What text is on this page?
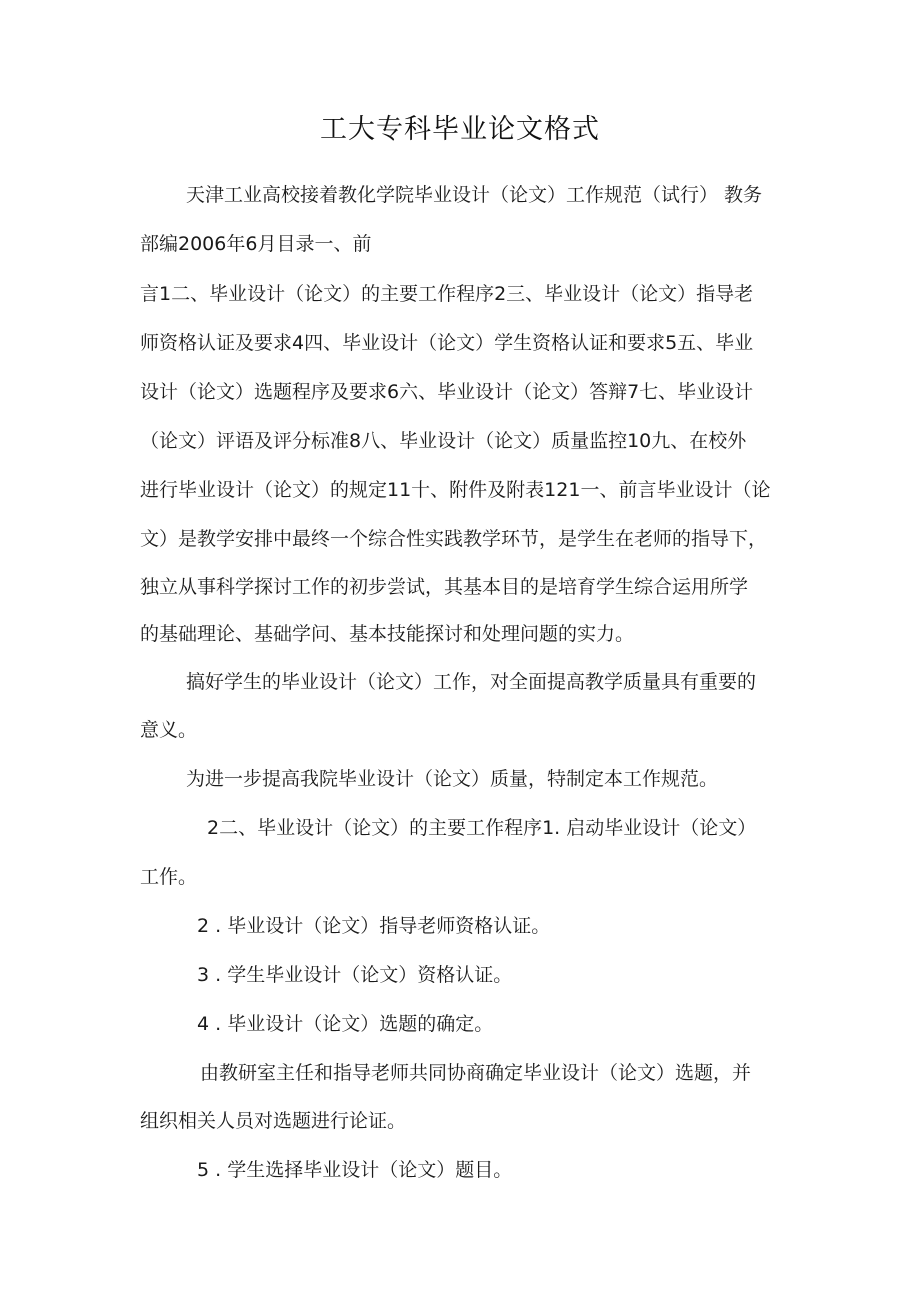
工大专科毕业论文格式
天津工业高校接着教化学院毕业设计（论文）工作规范（试行） 教务
部编2006年6月目录一、前
言1二、毕业设计（论文）的主要工作程序2三、毕业设计（论文）指导老
师资格认证及要求4四、毕业设计（论文）学生资格认证和要求5五、毕业
设计（论文）选题程序及要求6六、毕业设计（论文）答辩7七、毕业设计
（论文）评语及评分标准8八、毕业设计（论文）质量监控10九、在校外
进行毕业设计（论文）的规定11十、附件及附表121一、前言毕业设计（论
文）是教学安排中最终一个综合性实践教学环节，是学生在老师的指导下，
独立从事科学探讨工作的初步尝试，其基本目的是培育学生综合运用所学
的基础理论、基础学问、基本技能探讨和处理问题的实力。
搞好学生的毕业设计（论文）工作，对全面提高教学质量具有重要的
意义。
为进一步提高我院毕业设计（论文）质量，特制定本工作规范。
2二、毕业设计（论文）的主要工作程序1. 启动毕业设计（论文）
工作。
2 . 毕业设计（论文）指导老师资格认证。
3 . 学生毕业设计（论文）资格认证。
4 . 毕业设计（论文）选题的确定。
由教研室主任和指导老师共同协商确定毕业设计（论文）选题，并
组织相关人员对选题进行论证。
5 . 学生选择毕业设计（论文）题目。
